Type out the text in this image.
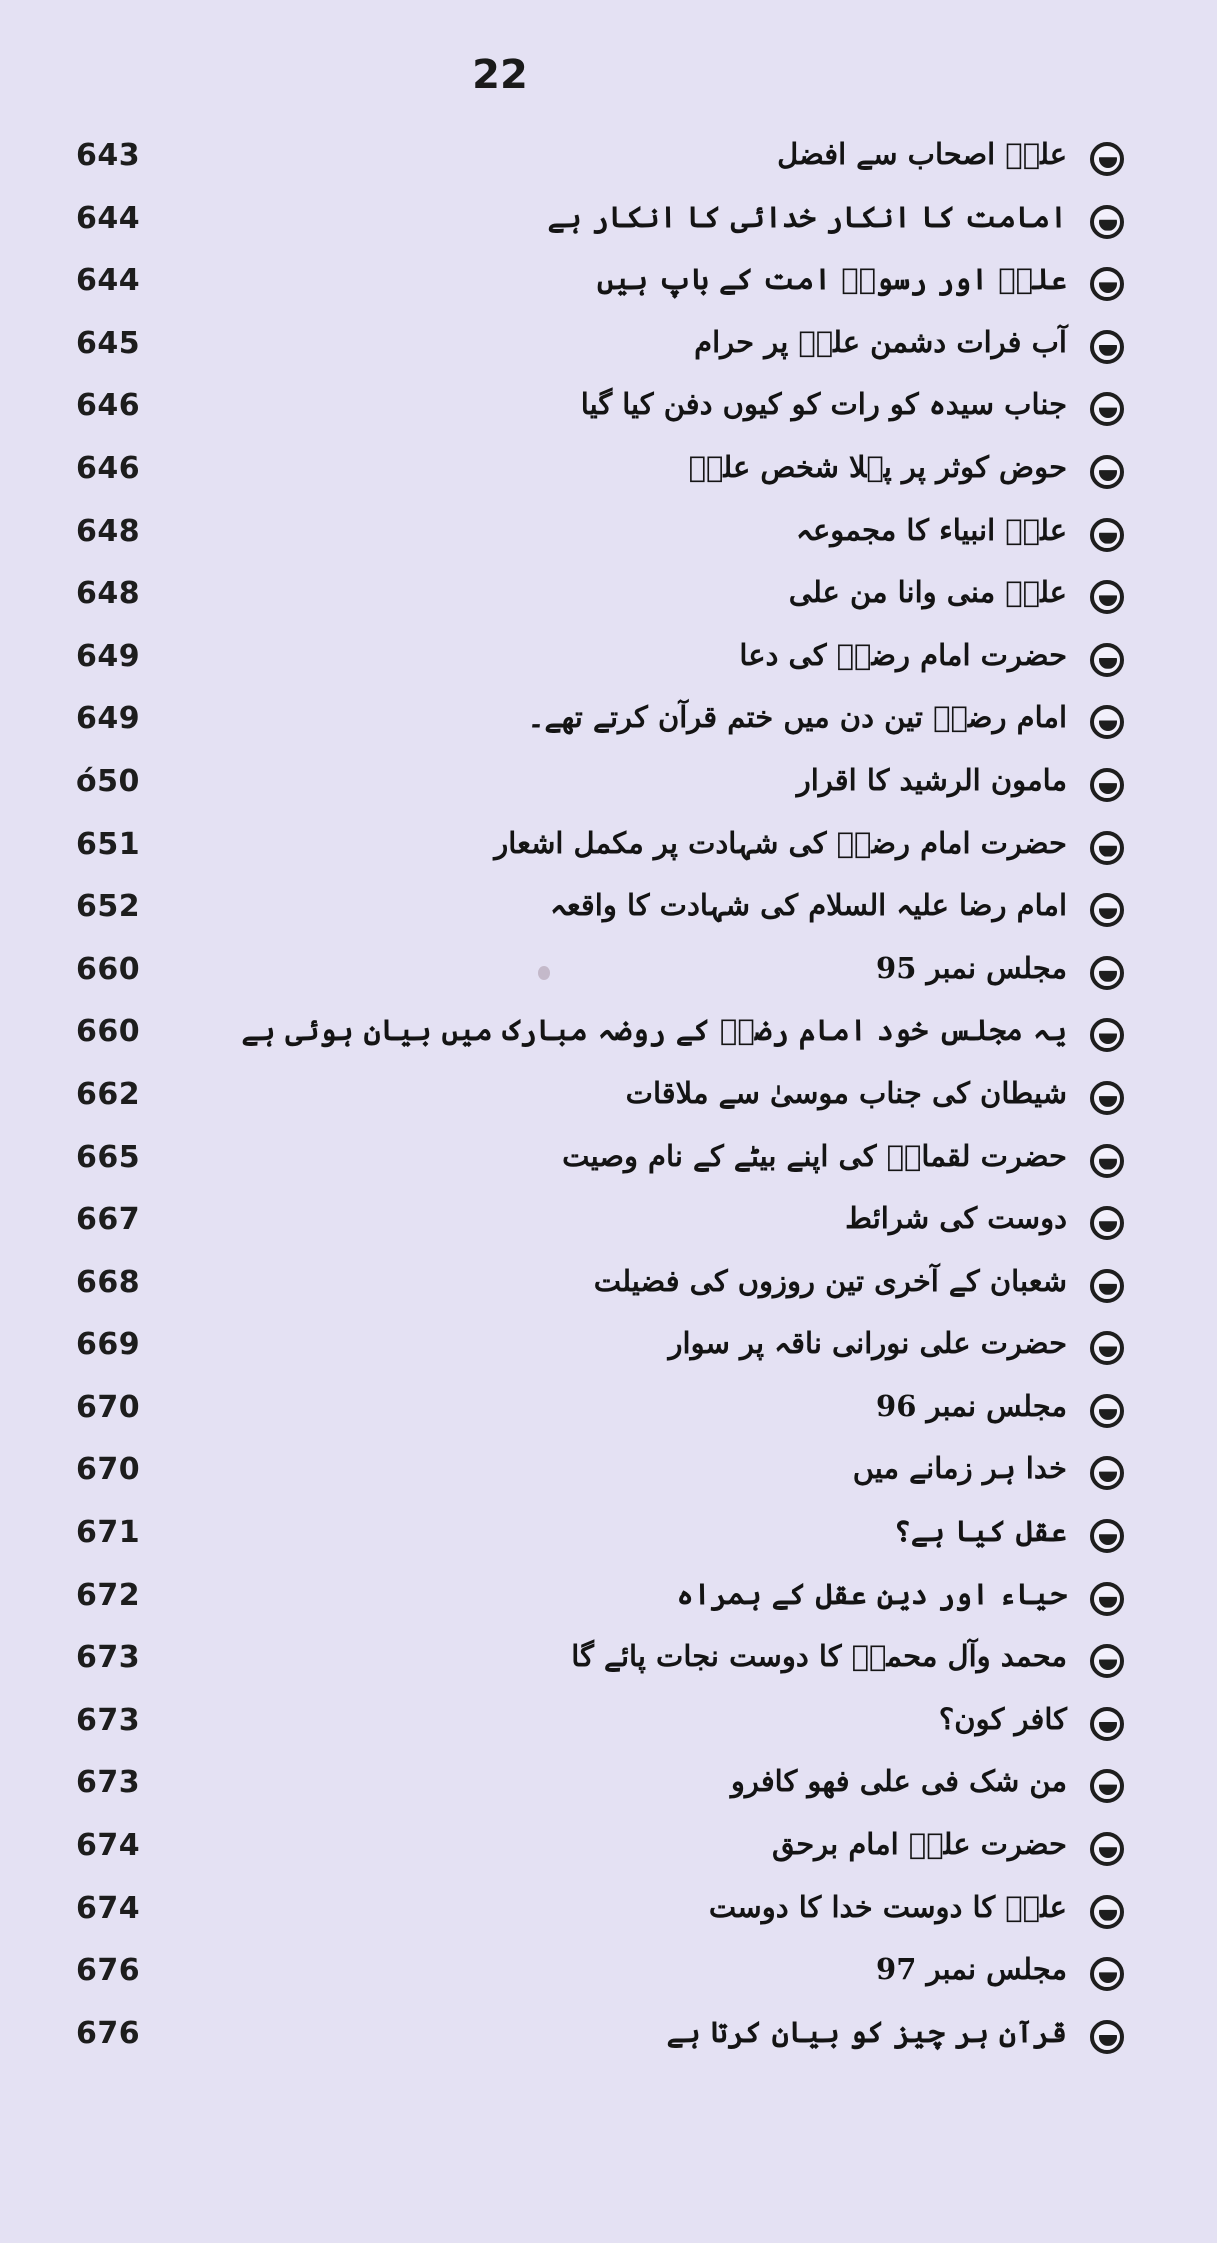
22
643	علیؑ اصحاب سے افضل
644	امامت کا انکار خدائی کا انکار ہے
644	علیؑ اور رسولؐ امت کے باپ ہیں
645	آب فرات دشمن علیؑ پر حرام
646	جناب سیدہ کو رات کو کیوں دفن کیا گیا
646	حوض کوثر پر پہلا شخص علیؑ
648	علیؑ انبیاء کا مجموعہ
648	علیؑ منی وانا من علی
649	حضرت امام رضاؑ کی دعا
649	امام رضاؑ تین دن میں ختم قرآن کرتے تھے۔
ó50	مامون الرشید کا اقرار
651	حضرت امام رضاؑ کی شہادت پر مکمل اشعار
652	امام رضا علیہ السلام کی شہادت کا واقعہ
660	مجلس نمبر 95
660	یہ مجلس خود امام رضاؑ کے روضہ مبارک میں بیان ہوئی ہے
662	شیطان کی جناب موسیٰ سے ملاقات
665	حضرت لقمانؑ کی اپنے بیٹے کے نام وصیت
667	دوست کی شرائط
668	شعبان کے آخری تین روزوں کی فضیلت
669	حضرت علی نورانی ناقہ پر سوار
670	مجلس نمبر 96
670	خدا ہر زمانے میں
671	عقل کیا ہے؟
672	حیاء اور دین عقل کے ہمراہ
673	محمد وآل محمدؐ کا دوست نجات پائے گا
673	کافر کون؟
673	من شک فی علی فھو کافرو
674	حضرت علیؑ امام برحق
674	علیؑ کا دوست خدا کا دوست
676	مجلس نمبر 97
676	قرآن ہر چیز کو بیان کرتا ہے
